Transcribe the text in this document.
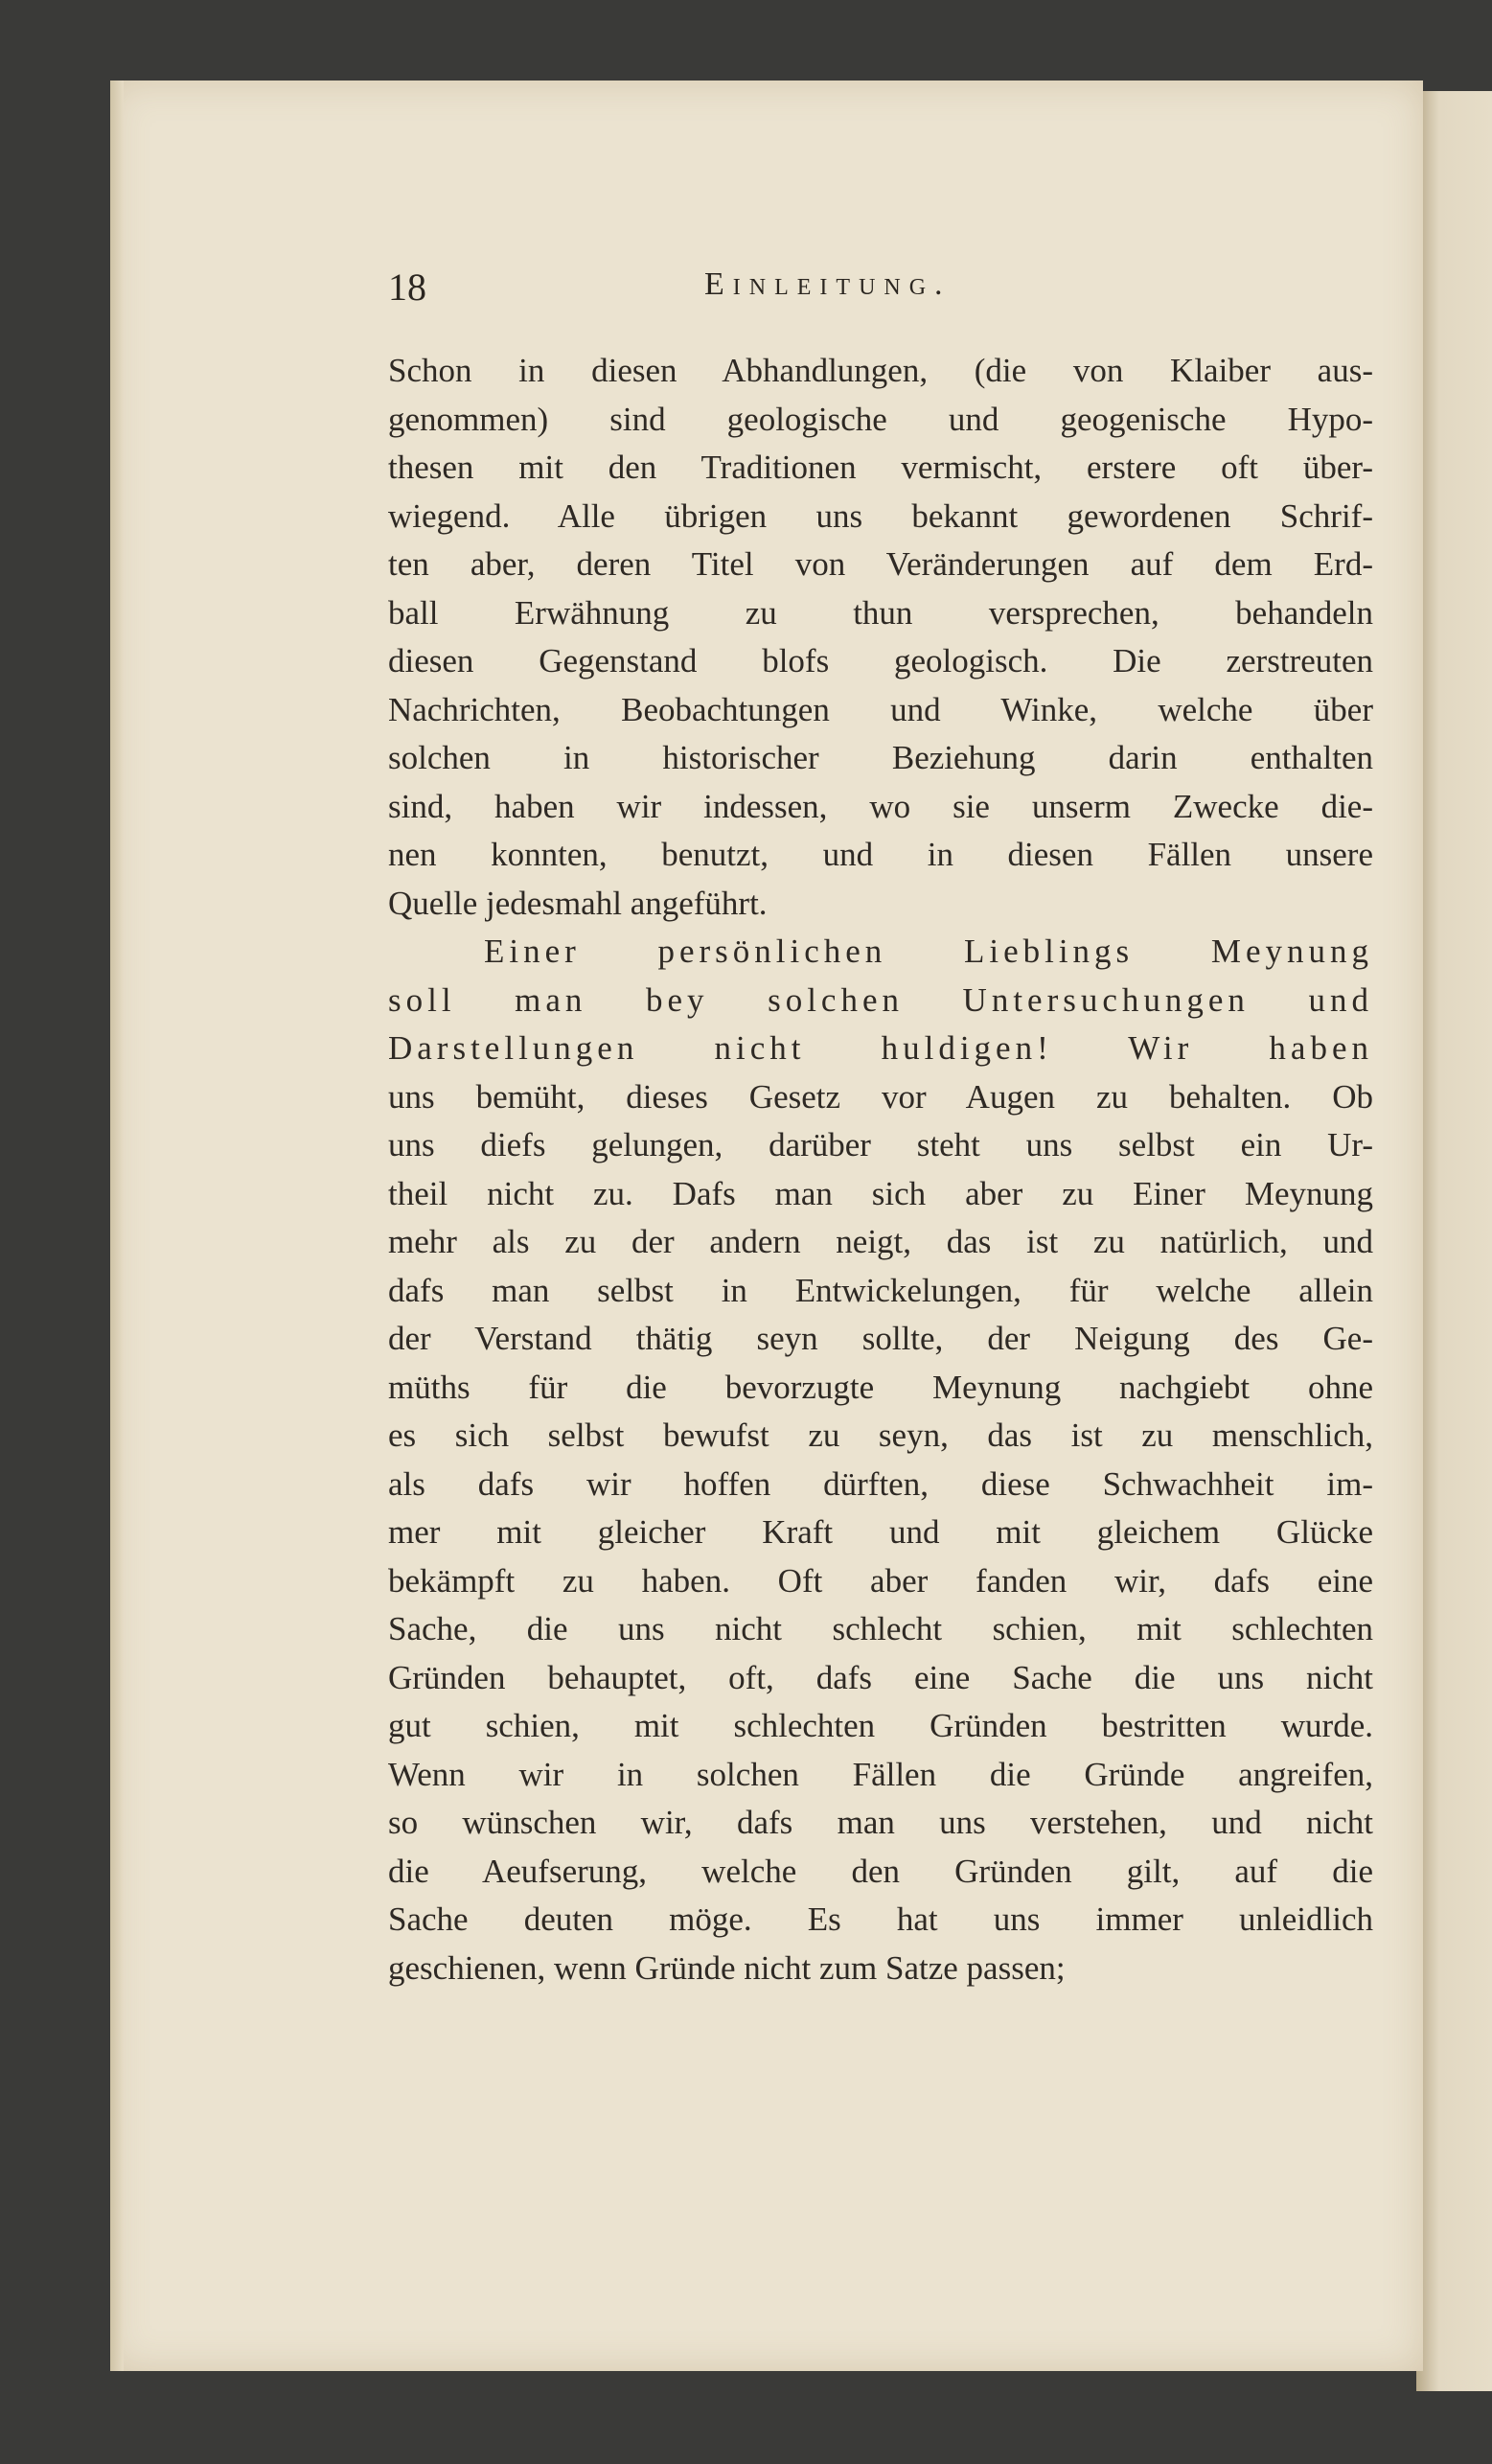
18	Einleitung.
Schon in diesen Abhandlungen, (die von Klaiber aus-
genommen) sind geologische und geogenische Hypo-
thesen mit den Traditionen vermischt, erstere oft über-
wiegend. Alle übrigen uns bekannt gewordenen Schrif-
ten aber, deren Titel von Veränderungen auf dem Erd-
ball Erwähnung zu thun versprechen, behandeln
diesen Gegenstand blofs geologisch. Die zerstreuten
Nachrichten, Beobachtungen und Winke, welche über
solchen in historischer Beziehung darin enthalten
sind, haben wir indessen, wo sie unserm Zwecke die-
nen konnten, benutzt, und in diesen Fällen unsere
Quelle jedesmahl angeführt.
Einer persönlichen Lieblings Meynung
soll man bey solchen Untersuchungen und
Darstellungen nicht huldigen! Wir haben
uns bemüht, dieses Gesetz vor Augen zu behalten. Ob
uns diefs gelungen, darüber steht uns selbst ein Ur-
theil nicht zu. Dafs man sich aber zu Einer Meynung
mehr als zu der andern neigt, das ist zu natürlich, und
dafs man selbst in Entwickelungen, für welche allein
der Verstand thätig seyn sollte, der Neigung des Ge-
müths für die bevorzugte Meynung nachgiebt ohne
es sich selbst bewufst zu seyn, das ist zu menschlich,
als dafs wir hoffen dürften, diese Schwachheit im-
mer mit gleicher Kraft und mit gleichem Glücke
bekämpft zu haben. Oft aber fanden wir, dafs eine
Sache, die uns nicht schlecht schien, mit schlechten
Gründen behauptet, oft, dafs eine Sache die uns nicht
gut schien, mit schlechten Gründen bestritten wurde.
Wenn wir in solchen Fällen die Gründe angreifen,
so wünschen wir, dafs man uns verstehen, und nicht
die Aeufserung, welche den Gründen gilt, auf die
Sache deuten möge. Es hat uns immer unleidlich
geschienen, wenn Gründe nicht zum Satze passen;
